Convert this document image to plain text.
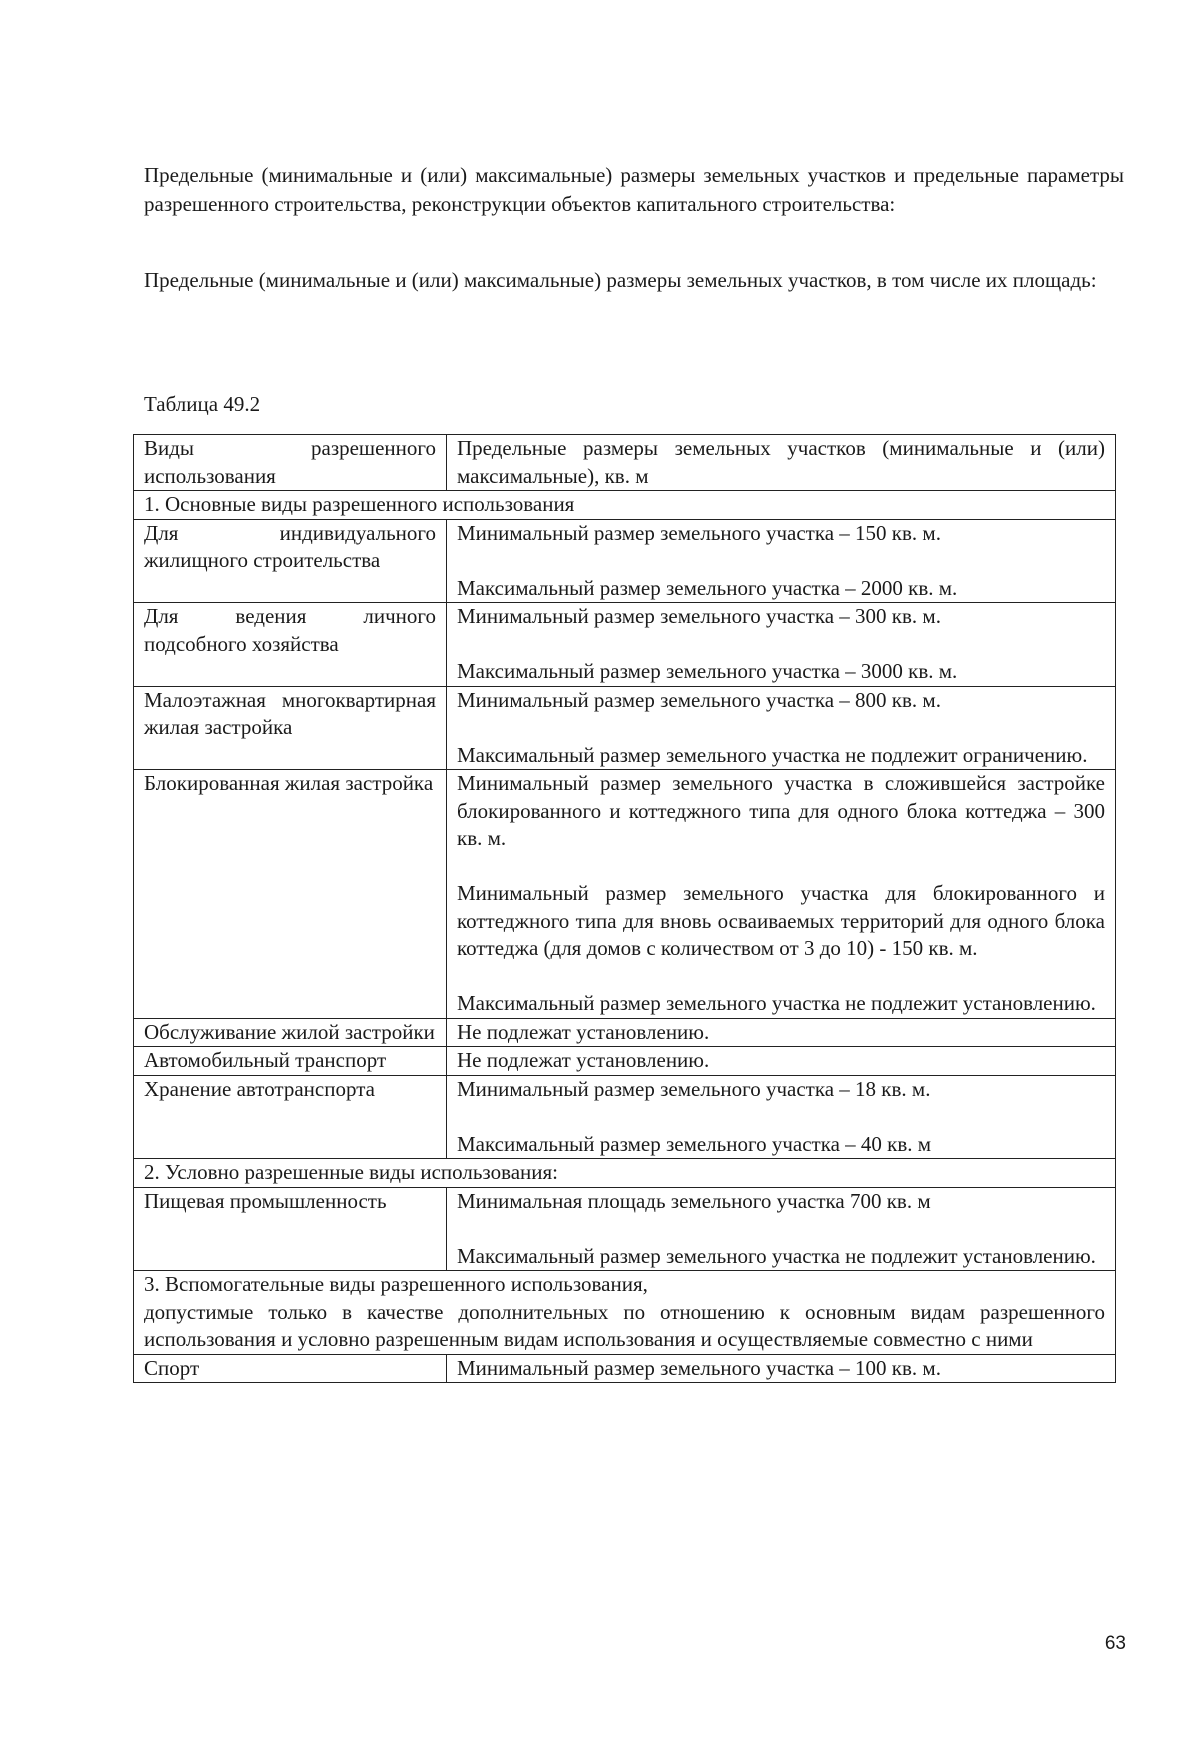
Предельные (минимальные и (или) максимальные) размеры земельных участков и предельные параметры разрешенного строительства, реконструкции объектов капитального строительства:

Предельные (минимальные и (или) максимальные) размеры земельных участков, в том числе их площадь:

Таблица 49.2

Виды разрешенного использования	Предельные размеры земельных участков (минимальные и (или) максимальные), кв. м
1. Основные виды разрешенного использования	
Для индивидуального жилищного строительства	Минимальный размер земельного участка – 150 кв. м.
Максимальный размер земельного участка – 2000 кв. м.

Для ведения личного подсобного хозяйства	Минимальный размер земельного участка – 300 кв. м.
Максимальный размер земельного участка – 3000 кв. м.

Малоэтажная многоквартирная жилая застройка	Минимальный размер земельного участка – 800 кв. м.
Максимальный размер земельного участка не подлежит ограничению.

Блокированная жилая застройка	Минимальный размер земельного участка в сложившейся застройке блокированного и коттеджного типа для одного блока коттеджа – 300 кв. м.
Минимальный размер земельного участка для блокированного и коттеджного типа для вновь осваиваемых территорий для одного блока коттеджа (для домов с количеством от 3 до 10) - 150 кв. м.
Максимальный размер земельного участка не подлежит установлению.

Обслуживание жилой застройки	Не подлежат установлению.
Автомобильный транспорт	Не подлежат установлению.
Хранение автотранспорта	Минимальный размер земельного участка – 18 кв. м.
Максимальный размер земельного участка – 40 кв. м

2. Условно разрешенные виды использования:	
Пищевая промышленность	Минимальная площадь земельного участка 700 кв. м
Максимальный размер земельного участка не подлежит установлению.

3. Вспомогательные виды разрешенного использования,
допустимые только в качестве дополнительных по отношению к основным видам разрешенного использования и условно разрешенным видам использования и осуществляемые совместно с ними	

Спорт	Минимальный размер земельного участка – 100 кв. м.
63
